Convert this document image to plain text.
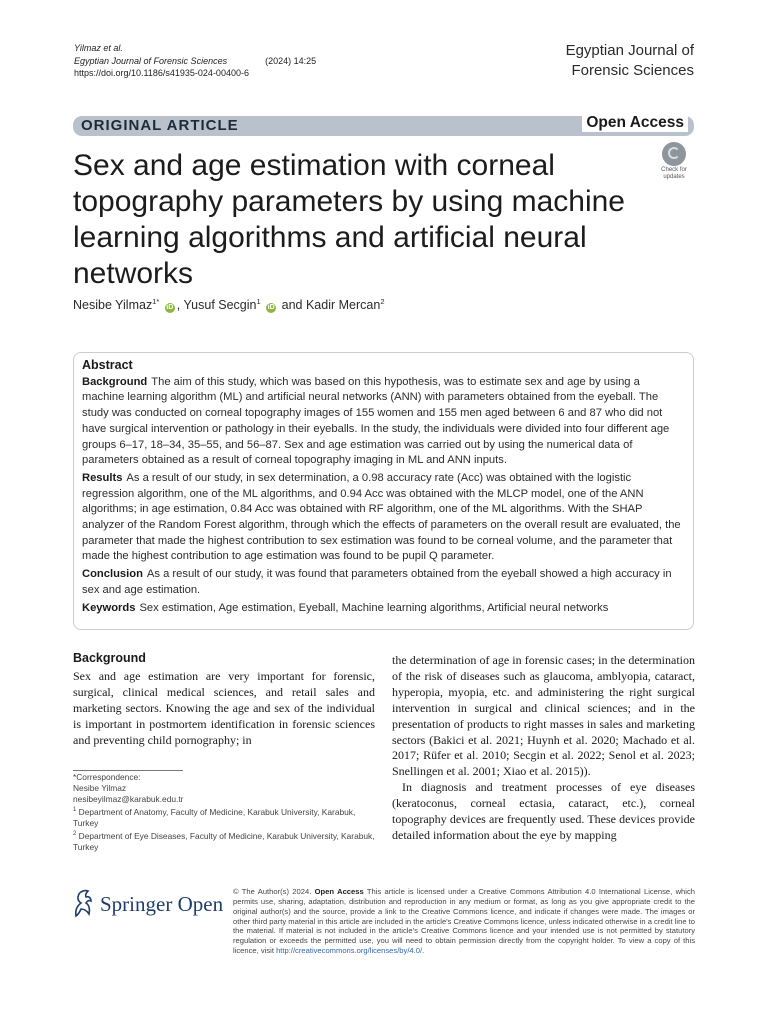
Yilmaz et al.
Egyptian Journal of Forensic Sciences	(2024) 14:25
https://doi.org/10.1186/s41935-024-00400-6
Egyptian Journal of
Forensic Sciences
ORIGINAL ARTICLE	Open Access
Sex and age estimation with corneal topography parameters by using machine learning algorithms and artificial neural networks
Check for
updates
Nesibe Yilmaz$^{1*}$ iD , Yusuf Secgin$^1$ iD and Kadir Mercan$^2$
Abstract

Background The aim of this study, which was based on this hypothesis, was to estimate sex and age by using a machine learning algorithm (ML) and artificial neural networks (ANN) with parameters obtained from the eyeball. The study was conducted on corneal topography images of 155 women and 155 men aged between 6 and 87 who did not have surgical intervention or pathology in their eyeballs. In the study, the individuals were divided into four different age groups 6–17, 18–34, 35–55, and 56–87. Sex and age estimation was carried out by using the numerical data of parameters obtained as a result of corneal topography imaging in ML and ANN inputs.

Results As a result of our study, in sex determination, a 0.98 accuracy rate (Acc) was obtained with the logistic regression algorithm, one of the ML algorithms, and 0.94 Acc was obtained with the MLCP model, one of the ANN algorithms; in age estimation, 0.84 Acc was obtained with RF algorithm, one of the ML algorithms. With the SHAP analyzer of the Random Forest algorithm, through which the effects of parameters on the overall result are evaluated, the parameter that made the highest contribution to sex estimation was found to be corneal volume, and the parameter that made the highest contribution to age estimation was found to be pupil Q parameter.

Conclusion As a result of our study, it was found that parameters obtained from the eyeball showed a high accuracy in sex and age estimation.

Keywords Sex estimation, Age estimation, Eyeball, Machine learning algorithms, Artificial neural networks

Background

Sex and age estimation are very important for forensic, surgical, clinical medical sciences, and retail sales and marketing sectors. Knowing the age and sex of the individual is important in postmortem identification in forensic sciences and preventing child pornography; in

the determination of age in forensic cases; in the determination of the risk of diseases such as glaucoma, amblyopia, cataract, hyperopia, myopia, etc. and administering the right surgical intervention in surgical and clinical sciences; and in the presentation of products to right masses in sales and marketing sectors (Bakici et al. 2021; Huynh et al. 2020; Machado et al. 2017; Rüfer et al. 2010; Secgin et al. 2022; Senol et al. 2023; Snellingen et al. 2001; Xiao et al. 2015)).

In diagnosis and treatment processes of eye diseases (keratoconus, corneal ectasia, cataract, etc.), corneal topography devices are frequently used. These devices provide detailed information about the eye by mapping

*Correspondence:
Nesibe Yilmaz
nesibeyilmaz@karabuk.edu.tr
$^1$ Department of Anatomy, Faculty of Medicine, Karabuk University, Karabuk, Turkey
$^2$ Department of Eye Diseases, Faculty of Medicine, Karabuk University, Karabuk, Turkey
Springer Open
© The Author(s) 2024. Open Access This article is licensed under a Creative Commons Attribution 4.0 International License, which permits use, sharing, adaptation, distribution and reproduction in any medium or format, as long as you give appropriate credit to the original author(s) and the source, provide a link to the Creative Commons licence, and indicate if changes were made. The images or other third party material in this article are included in the article's Creative Commons licence, unless indicated otherwise in a credit line to the material. If material is not included in the article's Creative Commons licence and your intended use is not permitted by statutory regulation or exceeds the permitted use, you will need to obtain permission directly from the copyright holder. To view a copy of this licence, visit http://creativecommons.org/licenses/by/4.0/.
